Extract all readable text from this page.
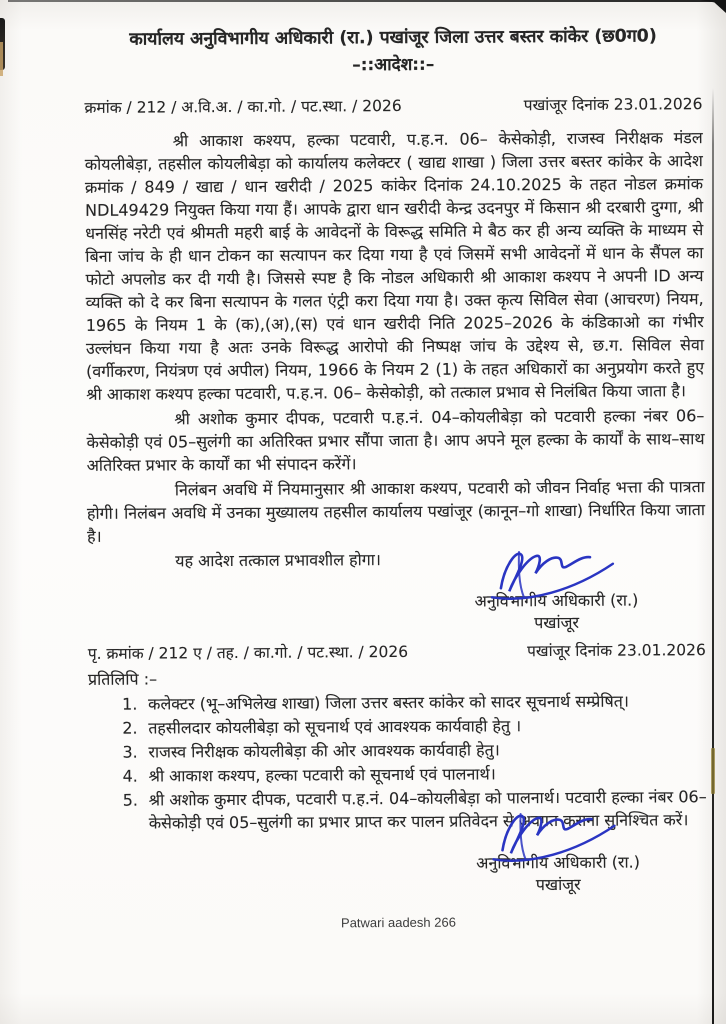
कार्यालय अनुविभागीय अधिकारी (रा.) पखांजूर जिला उत्तर बस्तर कांकेर (छ0ग0)
–::आदेश::–
क्रमांक / 212 / अ.वि.अ. / का.गो. / पट.स्था. / 2026	पखांजूर दिनांक 23.01.2026
श्री आकाश कश्यप, हल्का पटवारी, प.ह.न. 06– केसेकोड़ी, राजस्व निरीक्षक मंडल कोयलीबेड़ा, तहसील कोयलीबेड़ा को कार्यालय कलेक्टर ( खाद्य शाखा ) जिला उत्तर बस्तर कांकेर के आदेश क्रमांक / 849 / खाद्य / धान खरीदी / 2025 कांकेर दिनांक 24.10.2025 के तहत नोडल क्रमांक NDL49429 नियुक्त किया गया हैं। आपके द्वारा धान खरीदी केन्द्र उदनपुर में किसान श्री दरबारी दुग्गा, श्री धनसिंह नरेटी एवं श्रीमती महरी बाई के आवेदनों के विरूद्ध समिति मे बैठ कर ही अन्य व्यक्ति के माध्यम से बिना जांच के ही धान टोकन का सत्यापन कर दिया गया है एवं जिसमें सभी आवेदनों में धान के सैंपल का फोटो अपलोड कर दी गयी है। जिससे स्पष्ट है कि नोडल अधिकारी श्री आकाश कश्यप ने अपनी ID अन्य व्यक्ति को दे कर बिना सत्यापन के गलत एंट्री करा दिया गया है। उक्त कृत्य सिविल सेवा (आचरण) नियम, 1965 के नियम 1 के (क),(अ),(स) एवं धान खरीदी निति 2025–2026 के कंडिकाओ का गंभीर उल्लंघन किया गया है अतः उनके विरूद्ध आरोपो की निष्पक्ष जांच के उद्देश्य से, छ.ग. सिविल सेवा (वर्गीकरण, नियंत्रण एवं अपील) नियम, 1966 के नियम 2 (1) के तहत अधिकारों का अनुप्रयोग करते हुए श्री आकाश कश्यप हल्का पटवारी, प.ह.न. 06– केसेकोड़ी, को तत्काल प्रभाव से निलंबित किया जाता है।
श्री अशोक कुमार दीपक, पटवारी प.ह.नं. 04–कोयलीबेड़ा को पटवारी हल्का नंबर 06–केसेकोड़ी एवं 05–सुलंगी का अतिरिक्त प्रभार सौंपा जाता है। आप अपने मूल हल्का के कार्यों के साथ–साथ अतिरिक्त प्रभार के कार्यों का भी संपादन करेंगें।
निलंबन अवधि में नियमानुसार श्री आकाश कश्यप, पटवारी को जीवन निर्वाह भत्ता की पात्रता होगी। निलंबन अवधि में उनका मुख्यालय तहसील कार्यालय पखांजूर (कानून–गो शाखा) निर्धारित किया जाता है।
यह आदेश तत्काल प्रभावशील होगा।
अनुविभागीय अधिकारी (रा.)
पखांजूर
पृ. क्रमांक / 212 ए / तह. / का.गो. / पट.स्था. / 2026	पखांजूर दिनांक 23.01.2026
प्रतिलिपि :–
1. कलेक्टर (भू–अभिलेख शाखा) जिला उत्तर बस्तर कांकेर को सादर सूचनार्थ सम्प्रेषित्।
2. तहसीलदार कोयलीबेड़ा को सूचनार्थ एवं आवश्यक कार्यवाही हेतु ।
3. राजस्व निरीक्षक कोयलीबेड़ा की ओर आवश्यक कार्यवाही हेतु।
4. श्री आकाश कश्यप, हल्का पटवारी को सूचनार्थ एवं पालनार्थ।
5. श्री अशोक कुमार दीपक, पटवारी प.ह.नं. 04–कोयलीबेड़ा को पालनार्थ। पटवारी हल्का नंबर 06–केसेकोड़ी एवं 05–सुलंगी का प्रभार प्राप्त कर पालन प्रतिवेदन से अवगत कराना सुनिश्चित करें।
अनुविभागीय अधिकारी (रा.)
पखांजूर
Patwari aadesh 266
